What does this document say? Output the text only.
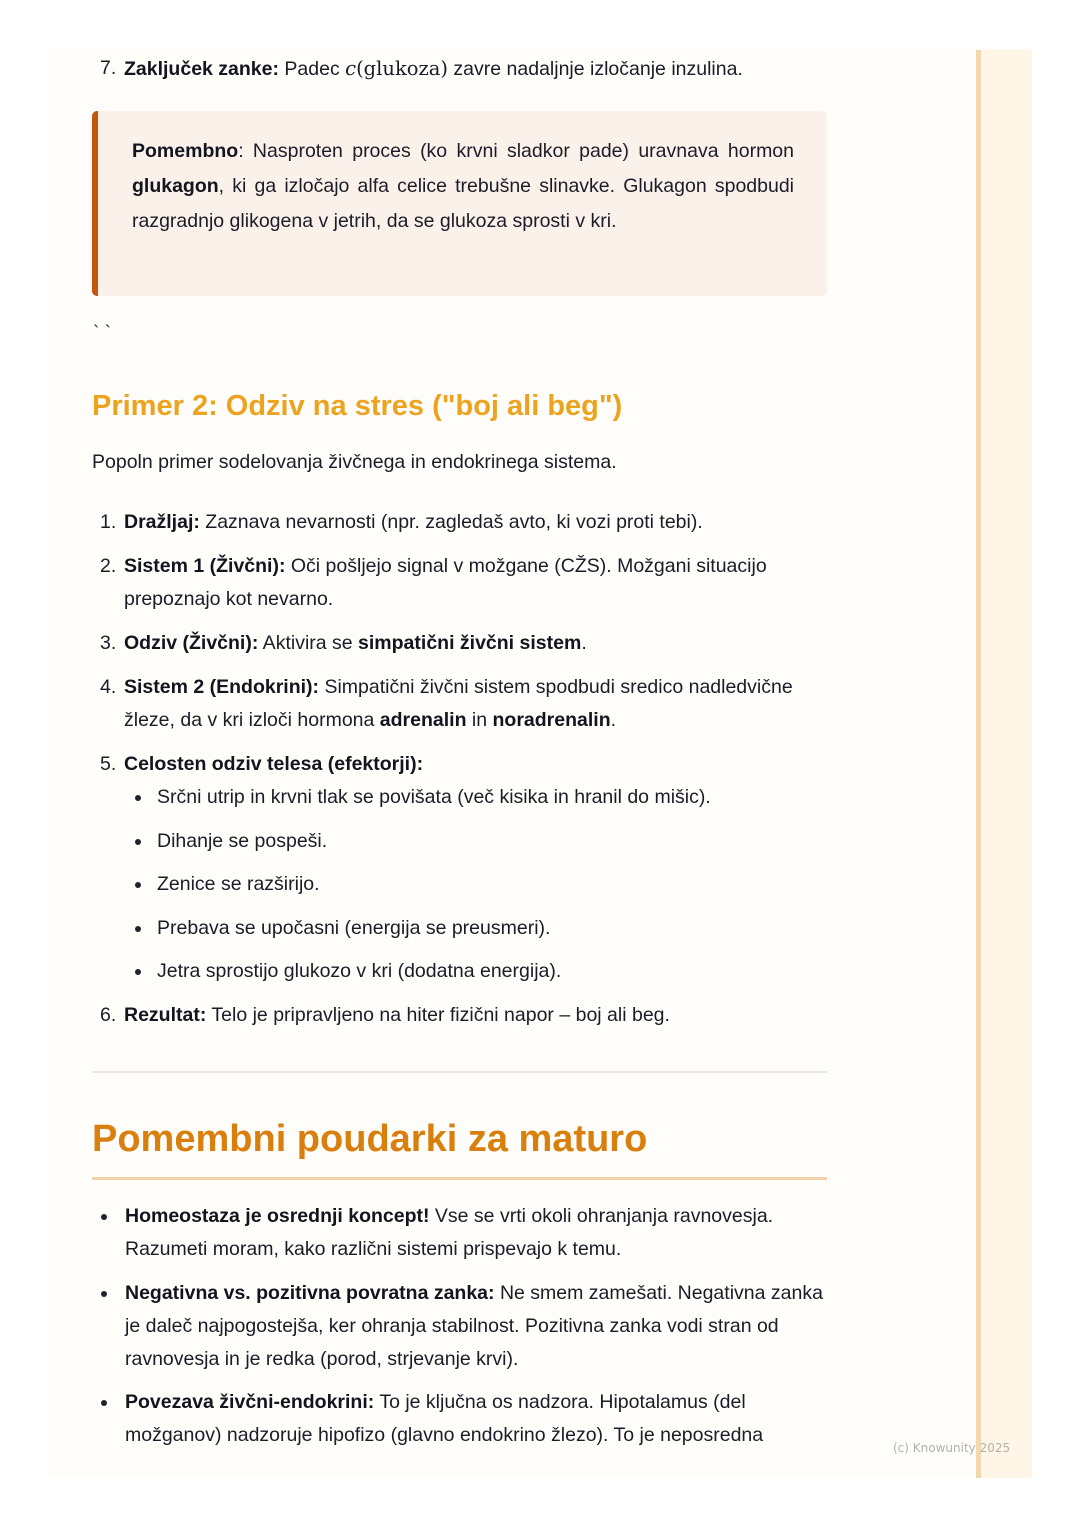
7. Zaključek zanke: Padec c(glukoza) zavre nadaljnje izločanje inzulina.
Pomembno: Nasproten proces (ko krvni sladkor pade) uravnava hormon glukagon, ki ga izločajo alfa celice trebušne slinavke. Glukagon spodbudi razgradnjo glikogena v jetrih, da se glukoza sprosti v kri.
` `
Primer 2: Odziv na stres ("boj ali beg")
Popoln primer sodelovanja živčnega in endokrinega sistema.
1. Dražljaj: Zaznava nevarnosti (npr. zagledaš avto, ki vozi proti tebi).
2. Sistem 1 (Živčni): Oči pošljejo signal v možgane (CŽS). Možgani situacijo prepoznajo kot nevarno.
3. Odziv (Živčni): Aktivira se simpatični živčni sistem.
4. Sistem 2 (Endokrini): Simpatični živčni sistem spodbudi sredico nadledvične žleze, da v kri izloči hormona adrenalin in noradrenalin.
5. Celosten odziv telesa (efektorji):
Srčni utrip in krvni tlak se povišata (več kisika in hranil do mišic).
Dihanje se pospeši.
Zenice se razširijo.
Prebava se upočasni (energija se preusmeri).
Jetra sprostijo glukozo v kri (dodatna energija).
6. Rezultat: Telo je pripravljeno na hiter fizični napor – boj ali beg.
Pomembni poudarki za maturo
Homeostaza je osrednji koncept! Vse se vrti okoli ohranjanja ravnovesja. Razumeti moram, kako različni sistemi prispevajo k temu.
Negativna vs. pozitivna povratna zanka: Ne smem zamešati. Negativna zanka je daleč najpogostejša, ker ohranja stabilnost. Pozitivna zanka vodi stran od ravnovesja in je redka (porod, strjevanje krvi).
Povezava živčni-endokrini: To je ključna os nadzora. Hipotalamus (del možganov) nadzoruje hipofizo (glavno endokrino žlezo). To je neposredna
(c) Knowunity 2025
